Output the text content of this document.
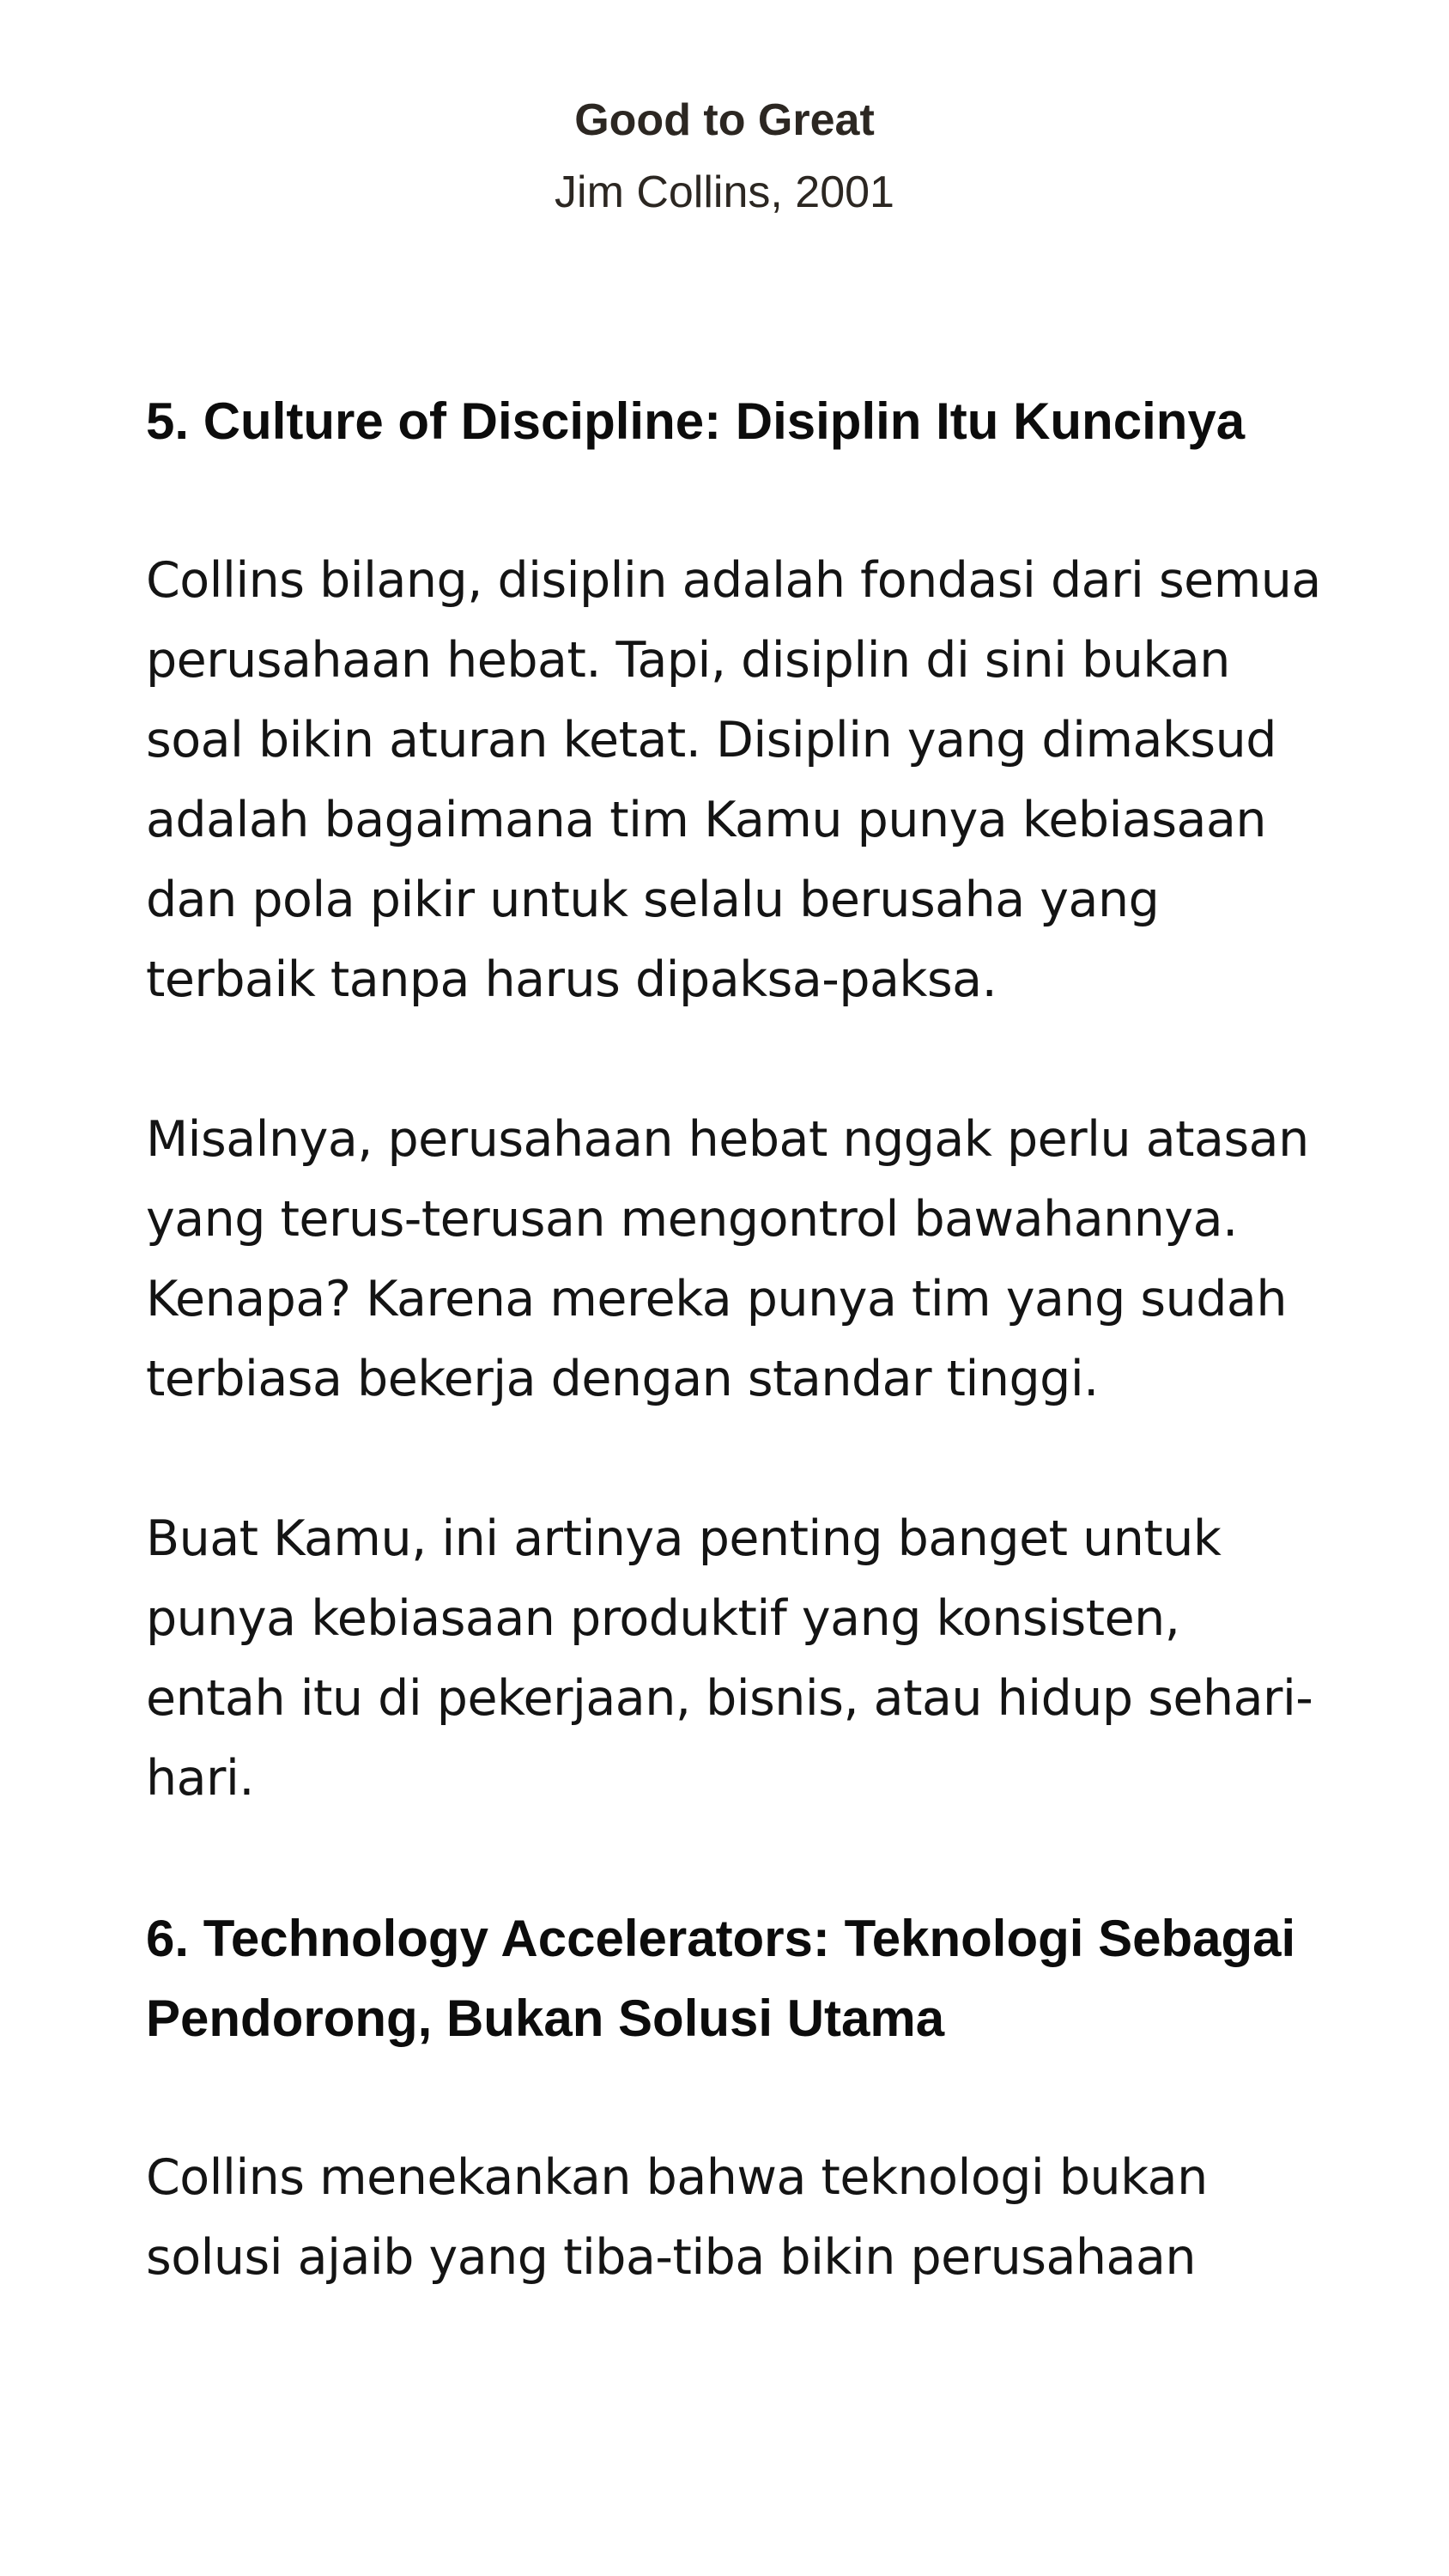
Good to Great
Jim Collins, 2001
5. Culture of Discipline: Disiplin Itu Kuncinya

Collins bilang, disiplin adalah fondasi dari semua perusahaan hebat. Tapi, disiplin di sini bukan soal bikin aturan ketat. Disiplin yang dimaksud adalah bagaimana tim Kamu punya kebiasaan dan pola pikir untuk selalu berusaha yang terbaik tanpa harus dipaksa-paksa.

Misalnya, perusahaan hebat nggak perlu atasan yang terus-terusan mengontrol bawahannya. Kenapa? Karena mereka punya tim yang sudah terbiasa bekerja dengan standar tinggi.

Buat Kamu, ini artinya penting banget untuk punya kebiasaan produktif yang konsisten, entah itu di pekerjaan, bisnis, atau hidup sehari-hari.

6. Technology Accelerators: Teknologi Sebagai Pendorong, Bukan Solusi Utama

Collins menekankan bahwa teknologi bukan solusi ajaib yang tiba-tiba bikin perusahaan
